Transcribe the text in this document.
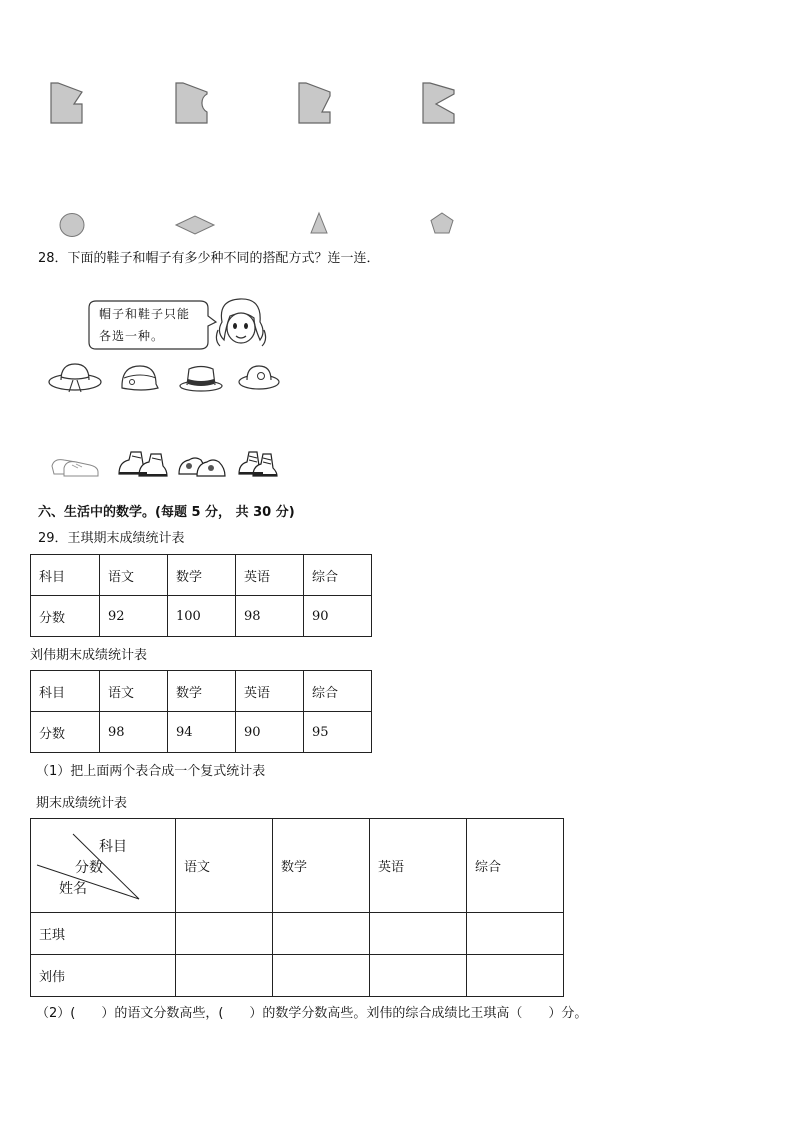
28．下面的鞋子和帽子有多少种不同的搭配方式？连一连．
帽子和鞋子只能
各选一种。
六、生活中的数学。(每题 5 分， 共 30 分)
29．王琪期末成绩统计表
科目	语文	数学	英语	综合
分数	92	100	98	90
刘伟期末成绩统计表
科目	语文	数学	英语	综合
分数	98	94	90	95
（1）把上面两个表合成一个复式统计表
期末成绩统计表
科目
分数
姓名	语文	数学	英语	综合
王琪				
刘伟				
（2）(　　）的语文分数高些，(　　）的数学分数高些。刘伟的综合成绩比王琪高（　　）分。
